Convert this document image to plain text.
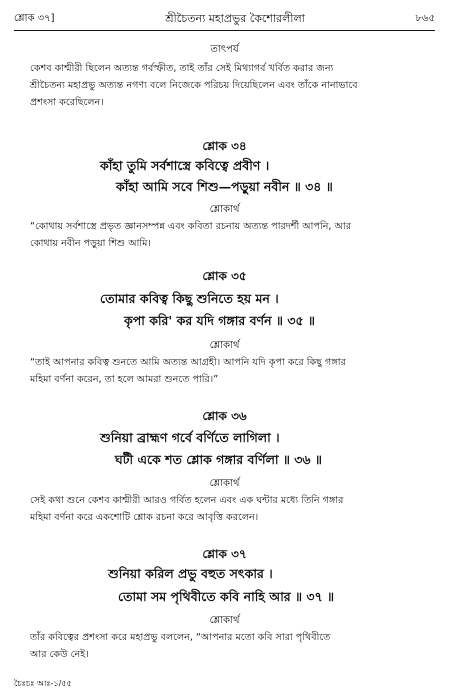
শ্লোক ৩৭]	শ্রীচৈতন্য মহাপ্রভুর কৈশোরলীলা	৮৬৫
তাৎপর্য
কেশব কাশ্মীরী ছিলেন অত্যন্ত গর্বস্ফীত, তাই তাঁর সেই মিথ্যাগর্ব খর্বিত করার জন্য
শ্রীচৈতন্য মহাপ্রভু অত্যন্ত নগণ্য বলে নিজেকে পরিচয় দিয়েছিলেন এবং তাঁকে নানাভাবে
প্রশংসা করেছিলেন।
শ্লোক ৩৪
কাঁহা তুমি সর্বশাস্ত্রে কবিত্বে প্রবীণ ।
কাঁহা আমি সবে শিশু—পড়ুয়া নবীন ॥ ৩৪ ॥
শ্লোকার্থ
“কোথায় সর্বশাস্ত্রে প্রভৃত জ্ঞানসম্পন্ন এবং কবিতা রচনায় অত্যন্ত পারদর্শী আপনি, আর
কোথায় নবীন পড়ুয়া শিশু আমি।
শ্লোক ৩৫
তোমার কবিত্ব কিছু শুনিতে হয় মন ।
কৃপা করি' কর যদি গঙ্গার বর্ণন ॥ ৩৫ ॥
শ্লোকার্থ
“তাই আপনার কবিত্ব শুনতে আমি অত্যন্ত আগ্রহী। আপনি যদি কৃপা করে কিছু গঙ্গার
মহিমা বর্ণনা করেন, তা হলে আমরা শুনতে পারি।”
শ্লোক ৩৬
শুনিয়া ব্রাহ্মণ গর্বে বর্ণিতে লাগিলা ।
ঘটী একে শত শ্লোক গঙ্গার বর্ণিলা ॥ ৩৬ ॥
শ্লোকার্থ
সেই কথা শুনে কেশব কাশ্মীরী আরও গর্বিত হলেন এবং এক ঘন্টার মধ্যে তিনি গঙ্গার
মহিমা বর্ণনা করে একশোটি শ্লোক রচনা করে আবৃত্তি করলেন।
শ্লোক ৩৭
শুনিয়া করিল প্রভু বহুত সৎকার ।
তোমা সম পৃথিবীতে কবি নাহি আর ॥ ৩৭ ॥
শ্লোকার্থ
তাঁর কবিত্বের প্রশংসা করে মহাপ্রভু বললেন, “আপনার মতো কবি সারা পৃথিবীতে
আর কেউ নেই।
চৈঃচঃ আঃ-১/৫৫
